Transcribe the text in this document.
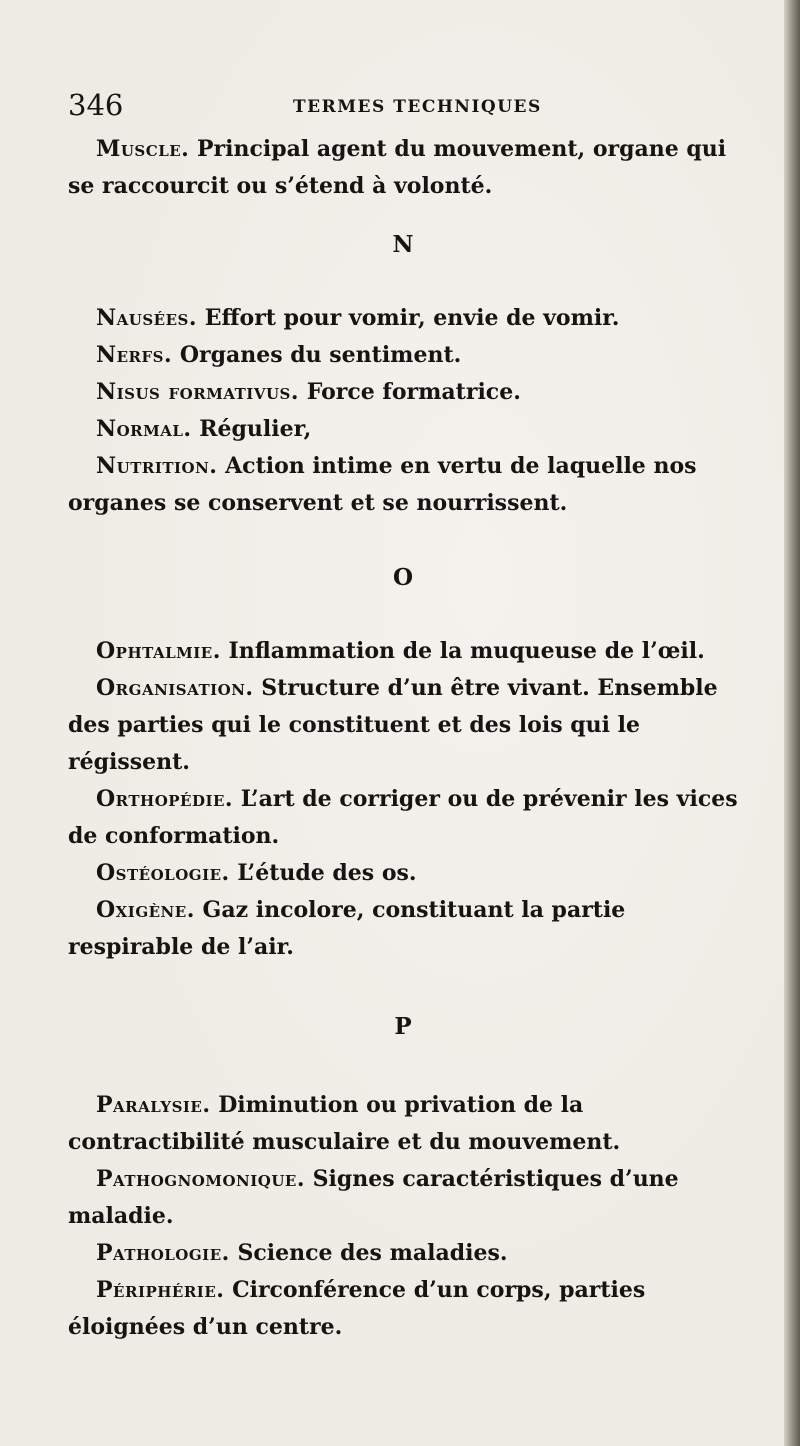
346	TERMES TECHNIQUES

Muscle. Principal agent du mouvement, organe qui se raccourcit ou s’étend à volonté.

N

Nausées. Effort pour vomir, envie de vomir.

Nerfs. Organes du sentiment.

Nisus formativus. Force formatrice.

Normal. Régulier,

Nutrition. Action intime en vertu de laquelle nos organes se conservent et se nourrissent.

O

Ophtalmie. Inflammation de la muqueuse de l’œil.

Organisation. Structure d’un être vivant. Ensemble des parties qui le constituent et des lois qui le régissent.

Orthopédie. L’art de corriger ou de prévenir les vices de conformation.

Ostéologie. L’étude des os.

Oxigène. Gaz incolore, constituant la partie respirable de l’air.

P

Paralysie. Diminution ou privation de la contractibilité musculaire et du mouvement.

Pathognomonique. Signes caractéristiques d’une maladie.

Pathologie. Science des maladies.

Périphérie. Circonférence d’un corps, parties éloignées d’un centre.
